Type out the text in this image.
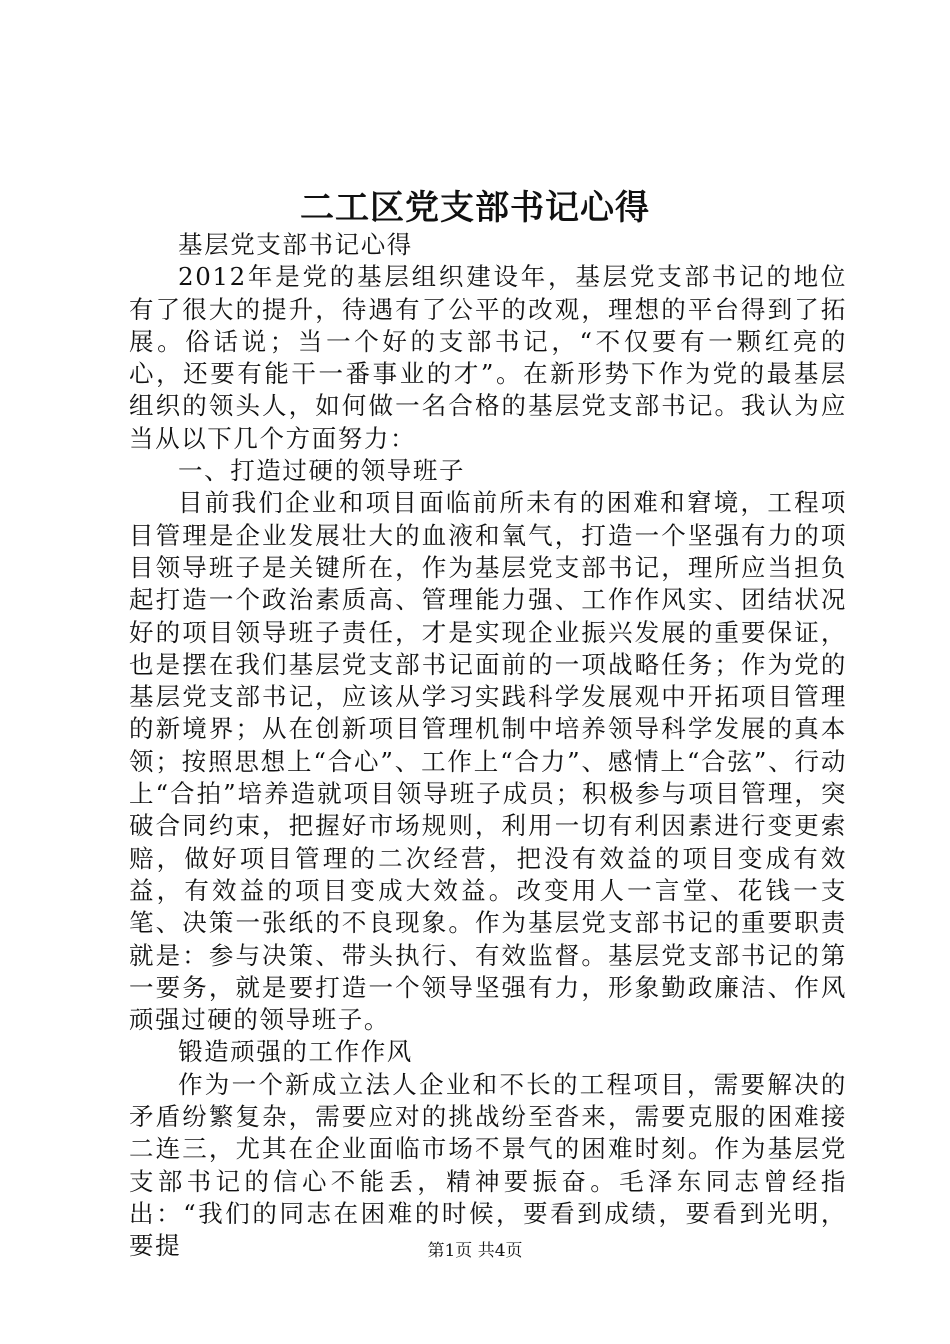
二工区党支部书记心得

基层党支部书记心得

2012年是党的基层组织建设年，基层党支部书记的地位有了很大的提升，待遇有了公平的改观，理想的平台得到了拓展。俗话说；当一个好的支部书记，“不仅要有一颗红亮的心，还要有能干一番事业的才”。在新形势下作为党的最基层组织的领头人，如何做一名合格的基层党支部书记。我认为应当从以下几个方面努力：

一、打造过硬的领导班子

目前我们企业和项目面临前所未有的困难和窘境，工程项目管理是企业发展壮大的血液和氧气，打造一个坚强有力的项目领导班子是关键所在，作为基层党支部书记，理所应当担负起打造一个政治素质高、管理能力强、工作作风实、团结状况好的项目领导班子责任，才是实现企业振兴发展的重要保证，也是摆在我们基层党支部书记面前的一项战略任务；作为党的基层党支部书记，应该从学习实践科学发展观中开拓项目管理的新境界；从在创新项目管理机制中培养领导科学发展的真本领；按照思想上“合心”、工作上“合力”、感情上“合弦”、行动上“合拍”培养造就项目领导班子成员；积极参与项目管理，突破合同约束，把握好市场规则，利用一切有利因素进行变更索赔，做好项目管理的二次经营，把没有效益的项目变成有效益，有效益的项目变成大效益。改变用人一言堂、花钱一支笔、决策一张纸的不良现象。作为基层党支部书记的重要职责就是：参与决策、带头执行、有效监督。基层党支部书记的第一要务，就是要打造一个领导坚强有力，形象勤政廉洁、作风顽强过硬的领导班子。

锻造顽强的工作作风

作为一个新成立法人企业和不长的工程项目，需要解决的矛盾纷繁复杂，需要应对的挑战纷至沓来，需要克服的困难接二连三，尤其在企业面临市场不景气的困难时刻。作为基层党支部书记的信心不能丢，精神要振奋。毛泽东同志曾经指出：“我们的同志在困难的时候，要看到成绩，要看到光明，要提	第1页 共4页
